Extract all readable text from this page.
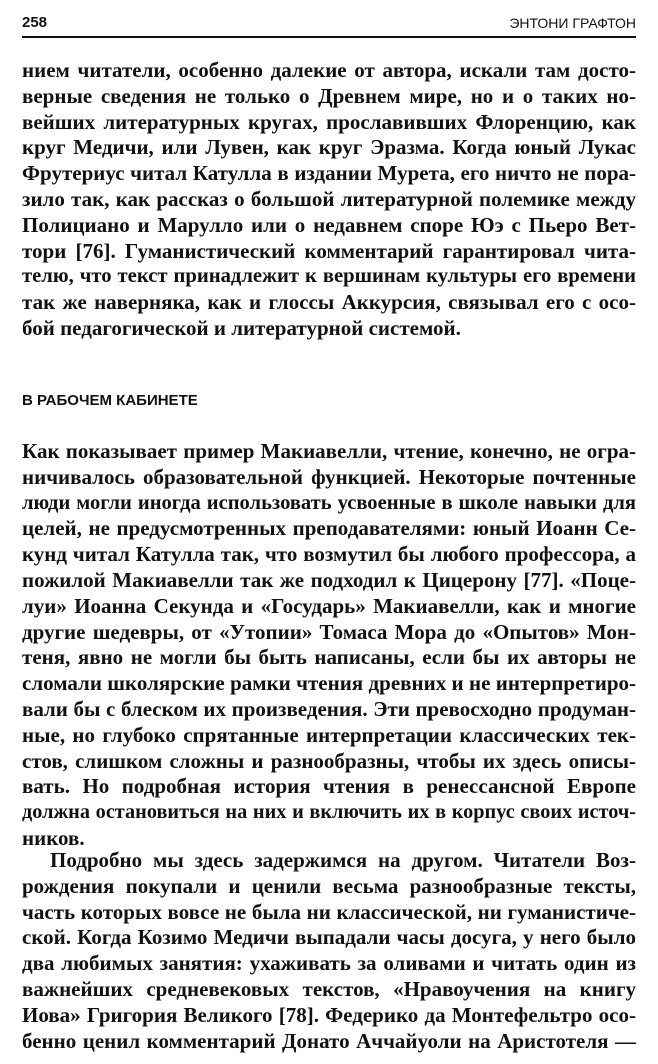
258	ЭНТОНИ ГРАФТОН
нием читатели, особенно далекие от автора, искали там досто-
верные сведения не только о Древнем мире, но и о таких но-
вейших литературных кругах, прославивших Флоренцию, как
круг Медичи, или Лувен, как круг Эразма. Когда юный Лукас
Фрутериус читал Катулла в издании Мурета, его ничто не пора-
зило так, как рассказ о большой литературной полемике между
Полициано и Марулло или о недавнем споре Юэ с Пьеро Вет-
тори [76]. Гуманистический комментарий гарантировал чита-
телю, что текст принадлежит к вершинам культуры его времени
так же наверняка, как и глоссы Аккурсия, связывал его с осо-
бой педагогической и литературной системой.
В РАБОЧЕМ КАБИНЕТЕ
Как показывает пример Макиавелли, чтение, конечно, не огра-
ничивалось образовательной функцией. Некоторые почтенные
люди могли иногда использовать усвоенные в школе навыки для
целей, не предусмотренных преподавателями: юный Иоанн Се-
кунд читал Катулла так, что возмутил бы любого профессора, а
пожилой Макиавелли так же подходил к Цицерону [77]. «Поце-
луи» Иоанна Секунда и «Государь» Макиавелли, как и многие
другие шедевры, от «Утопии» Томаса Мора до «Опытов» Мон-
теня, явно не могли бы быть написаны, если бы их авторы не
сломали школярские рамки чтения древних и не интерпретиро-
вали бы с блеском их произведения. Эти превосходно продуман-
ные, но глубоко спрятанные интерпретации классических тек-
стов, слишком сложны и разнообразны, чтобы их здесь описы-
вать. Но подробная история чтения в ренессансной Европе
должна остановиться на них и включить их в корпус своих источ-
ников.
Подробно мы здесь задержимся на другом. Читатели Воз-
рождения покупали и ценили весьма разнообразные тексты,
часть которых вовсе не была ни классической, ни гуманистиче-
ской. Когда Козимо Медичи выпадали часы досуга, у него было
два любимых занятия: ухаживать за оливами и читать один из
важнейших средневековых текстов, «Нравоучения на книгу
Иова» Григория Великого [78]. Федерико да Монтефельтро осо-
бенно ценил комментарий Донато Аччайуоли на Аристотеля —
